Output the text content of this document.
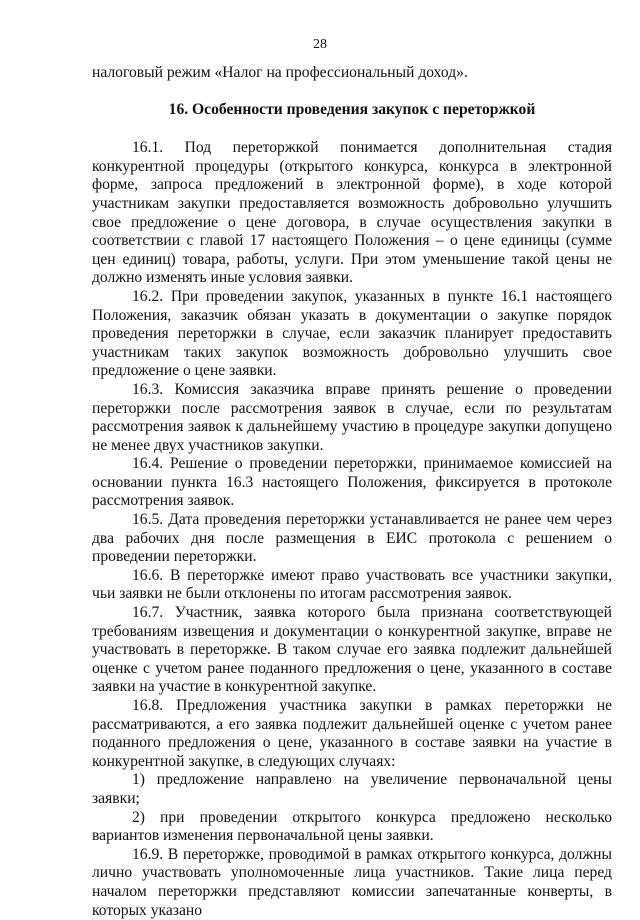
28

налоговый режим «Налог на профессиональный доход».

16. Особенности проведения закупок с переторжкой

16.1. Под переторжкой понимается дополнительная стадия конкурентной процедуры (открытого конкурса, конкурса в электронной форме, запроса предложений в электронной форме), в ходе которой участникам закупки предоставляется возможность добровольно улучшить свое предложение о цене договора, в случае осуществления закупки в соответствии с главой 17 настоящего Положения – о цене единицы (сумме цен единиц) товара, работы, услуги. При этом уменьшение такой цены не должно изменять иные условия заявки.

16.2. При проведении закупок, указанных в пункте 16.1 настоящего Положения, заказчик обязан указать в документации о закупке порядок проведения переторжки в случае, если заказчик планирует предоставить участникам таких закупок возможность добровольно улучшить свое предложение о цене заявки.

16.3. Комиссия заказчика вправе принять решение о проведении переторжки после рассмотрения заявок в случае, если по результатам рассмотрения заявок к дальнейшему участию в процедуре закупки допущено не менее двух участников закупки.

16.4. Решение о проведении переторжки, принимаемое комиссией на основании пункта 16.3 настоящего Положения, фиксируется в протоколе рассмотрения заявок.

16.5. Дата проведения переторжки устанавливается не ранее чем через два рабочих дня после размещения в ЕИС протокола с решением о проведении переторжки.

16.6. В переторжке имеют право участвовать все участники закупки, чьи заявки не были отклонены по итогам рассмотрения заявок.

16.7. Участник, заявка которого была признана соответствующей требованиям извещения и документации о конкурентной закупке, вправе не участвовать в переторжке. В таком случае его заявка подлежит дальнейшей оценке с учетом ранее поданного предложения о цене, указанного в составе заявки на участие в конкурентной закупке.

16.8. Предложения участника закупки в рамках переторжки не рассматриваются, а его заявка подлежит дальнейшей оценке с учетом ранее поданного предложения о цене, указанного в составе заявки на участие в конкурентной закупке, в следующих случаях:

1) предложение направлено на увеличение первоначальной цены заявки;

2) при проведении открытого конкурса предложено несколько вариантов изменения первоначальной цены заявки.

16.9. В переторжке, проводимой в рамках открытого конкурса, должны лично участвовать уполномоченные лица участников. Такие лица перед началом переторжки представляют комиссии запечатанные конверты, в которых указано
